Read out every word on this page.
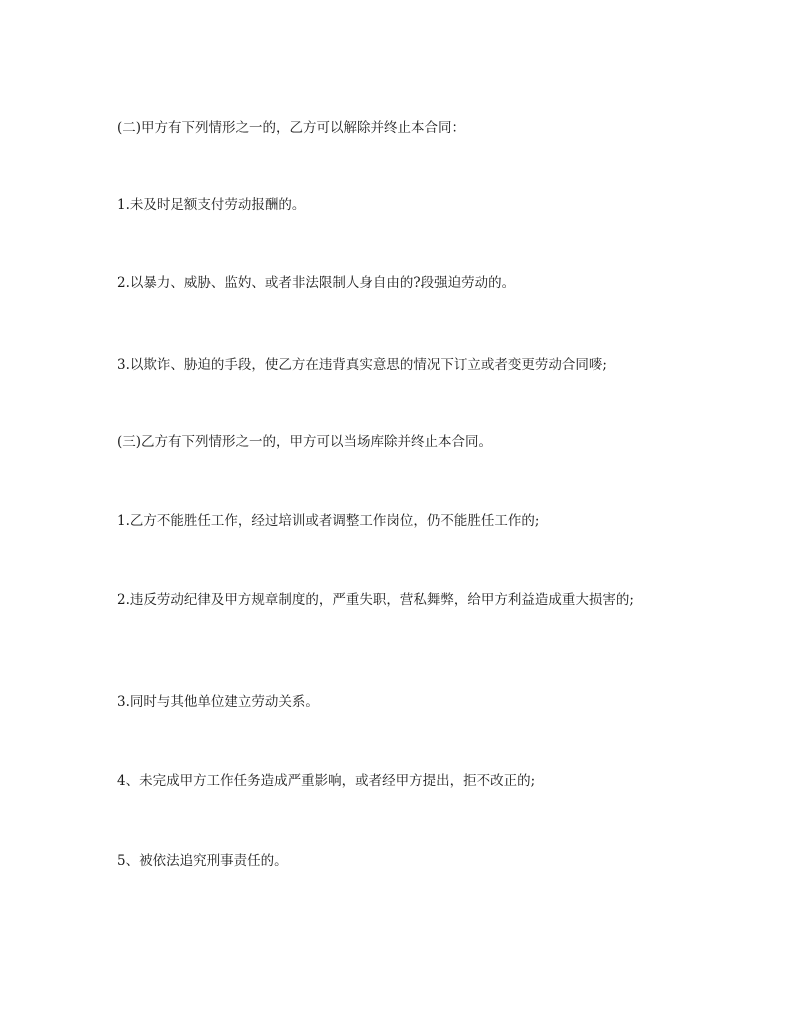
(二)甲方有下列情形之一的，乙方可以解除并终止本合同：

1.未及时足额支付劳动报酬的。

2.以暴力、威胁、监妁、或者非法限制人身自由的?段强迫劳动的。

3.以欺诈、胁迫的手段，使乙方在违背真实意思的情况下订立或者变更劳动合同嘜;

(三)乙方有下列情形之一的，甲方可以当场库除并终止本合同。

1.乙方不能胜任工作，经过培训或者调整工作岗位，仍不能胜任工作的;

2.违反劳动纪律及甲方规章制度的，严重失职，营私舞弊，给甲方利益造成重大损害的;

3.同时与其他单位建立劳动关系。

4、未完成甲方工作任务造成严重影响，或者经甲方提出，拒不改正的;

5、被依法追究刑事责任的。
